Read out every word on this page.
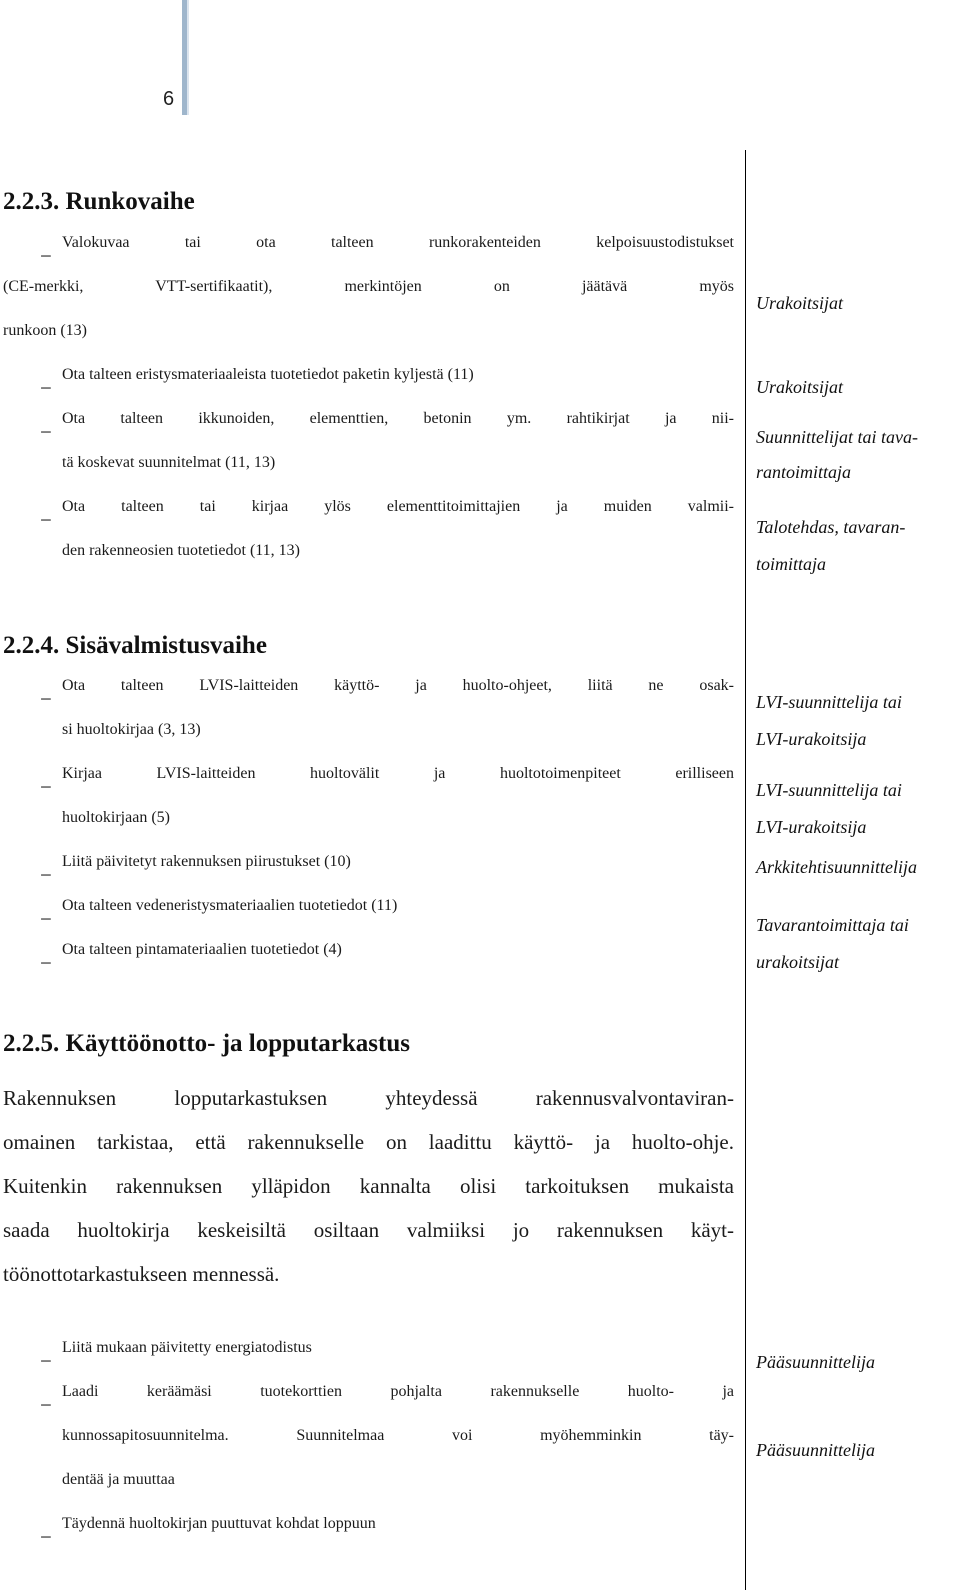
6
2.2.3. Runkovaihe
−
Valokuvaa tai ota talteen runkorakenteiden kelpoisuustodistukset
(CE-merkki, VTT-sertifikaatit), merkintöjen on jäätävä myös
runkoon (13)
−
Ota talteen eristysmateriaaleista tuotetiedot paketin kyljestä (11)
−
Ota talteen ikkunoiden, elementtien, betonin ym. rahtikirjat ja nii-
tä koskevat suunnitelmat (11, 13)
−
Ota talteen tai kirjaa ylös elementtitoimittajien ja muiden valmii-
den rakenneosien tuotetiedot (11, 13)
Urakoitsijat
Urakoitsijat
Suunnittelijat tai tava-
rantoimittaja
Talotehdas, tavaran-
toimittaja
2.2.4. Sisävalmistusvaihe
−
Ota talteen LVIS-laitteiden käyttö- ja huolto-ohjeet, liitä ne osak-
si huoltokirjaa (3, 13)
−
Kirjaa LVIS-laitteiden huoltovälit ja huoltotoimenpiteet erilliseen
huoltokirjaan (5)
−
Liitä päivitetyt rakennuksen piirustukset (10)
−
Ota talteen vedeneristysmateriaalien tuotetiedot (11)
−
Ota talteen pintamateriaalien tuotetiedot (4)
LVI-suunnittelija tai
LVI-urakoitsija
LVI-suunnittelija tai
LVI-urakoitsija
Arkkitehtisuunnittelija
Tavarantoimittaja tai
urakoitsijat
2.2.5. Käyttöönotto- ja lopputarkastus
Rakennuksen lopputarkastuksen yhteydessä rakennusvalvontaviran-
omainen tarkistaa, että rakennukselle on laadittu käyttö- ja huolto-ohje.
Kuitenkin rakennuksen ylläpidon kannalta olisi tarkoituksen mukaista
saada huoltokirja keskeisiltä osiltaan valmiiksi jo rakennuksen käyt-
töönottotarkastukseen mennessä.
−
Liitä mukaan päivitetty energiatodistus
−
Laadi keräämäsi tuotekorttien pohjalta rakennukselle huolto- ja
kunnossapitosuunnitelma. Suunnitelmaa voi myöhemminkin täy-
dentää ja muuttaa
−
Täydennä huoltokirjan puuttuvat kohdat loppuun
Pääsuunnittelija
Pääsuunnittelija
